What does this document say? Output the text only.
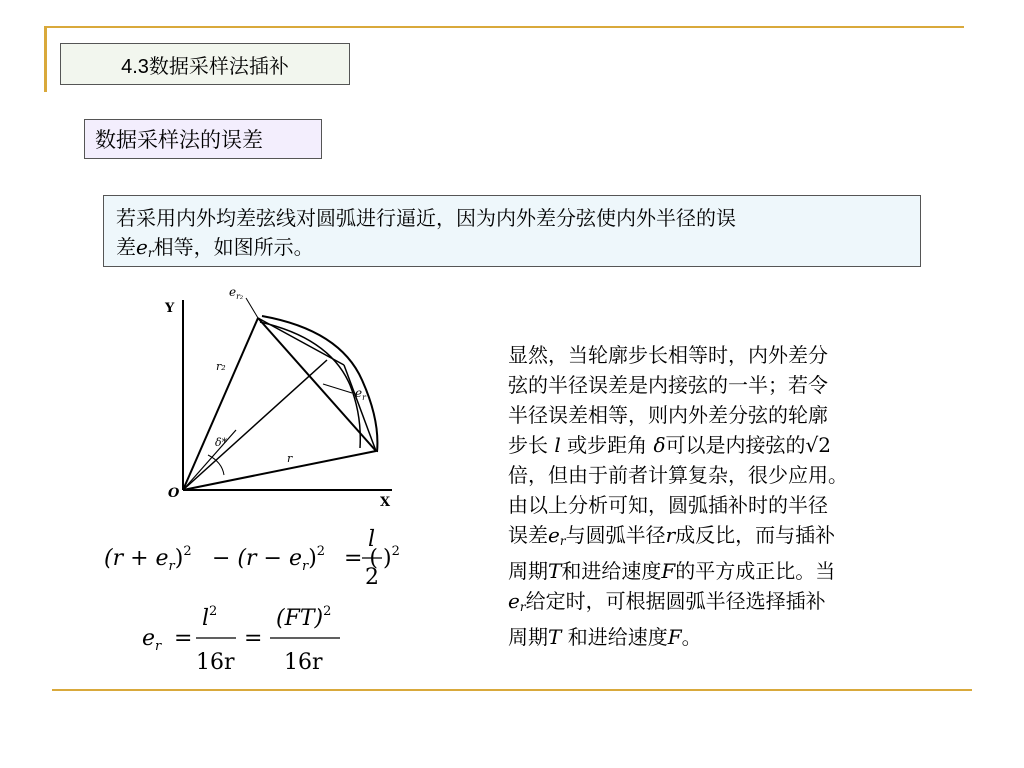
4.3数据采样法插补
数据采样法的误差
若采用内外均差弦线对圆弧进行逼近，因为内外差分弦使内外半径的误
差$e_r$相等，如图所示。
Y
X
O
$e_{r_2}$
$e_r$
r₂
δ*
r
$(r + e_r)^2 - (r - e_r)^2$ = (
l
2
)$^2$
$e_r$ =
$l^2$
16r
=
(FT)$^2$
16r
显然，当轮廓步长相等时，内外差分
弦的半径误差是内接弦的一半；若令
半径误差相等，则内外差分弦的轮廓
步长 l 或步距角 δ可以是内接弦的√2
倍，但由于前者计算复杂，很少应用。
由以上分析可知，圆弧插补时的半径
误差$e_r$与圆弧半径r成反比，而与插补
周期T和进给速度F的平方成正比。当
$e_r$给定时，可根据圆弧半径选择插补
周期T 和进给速度F。
